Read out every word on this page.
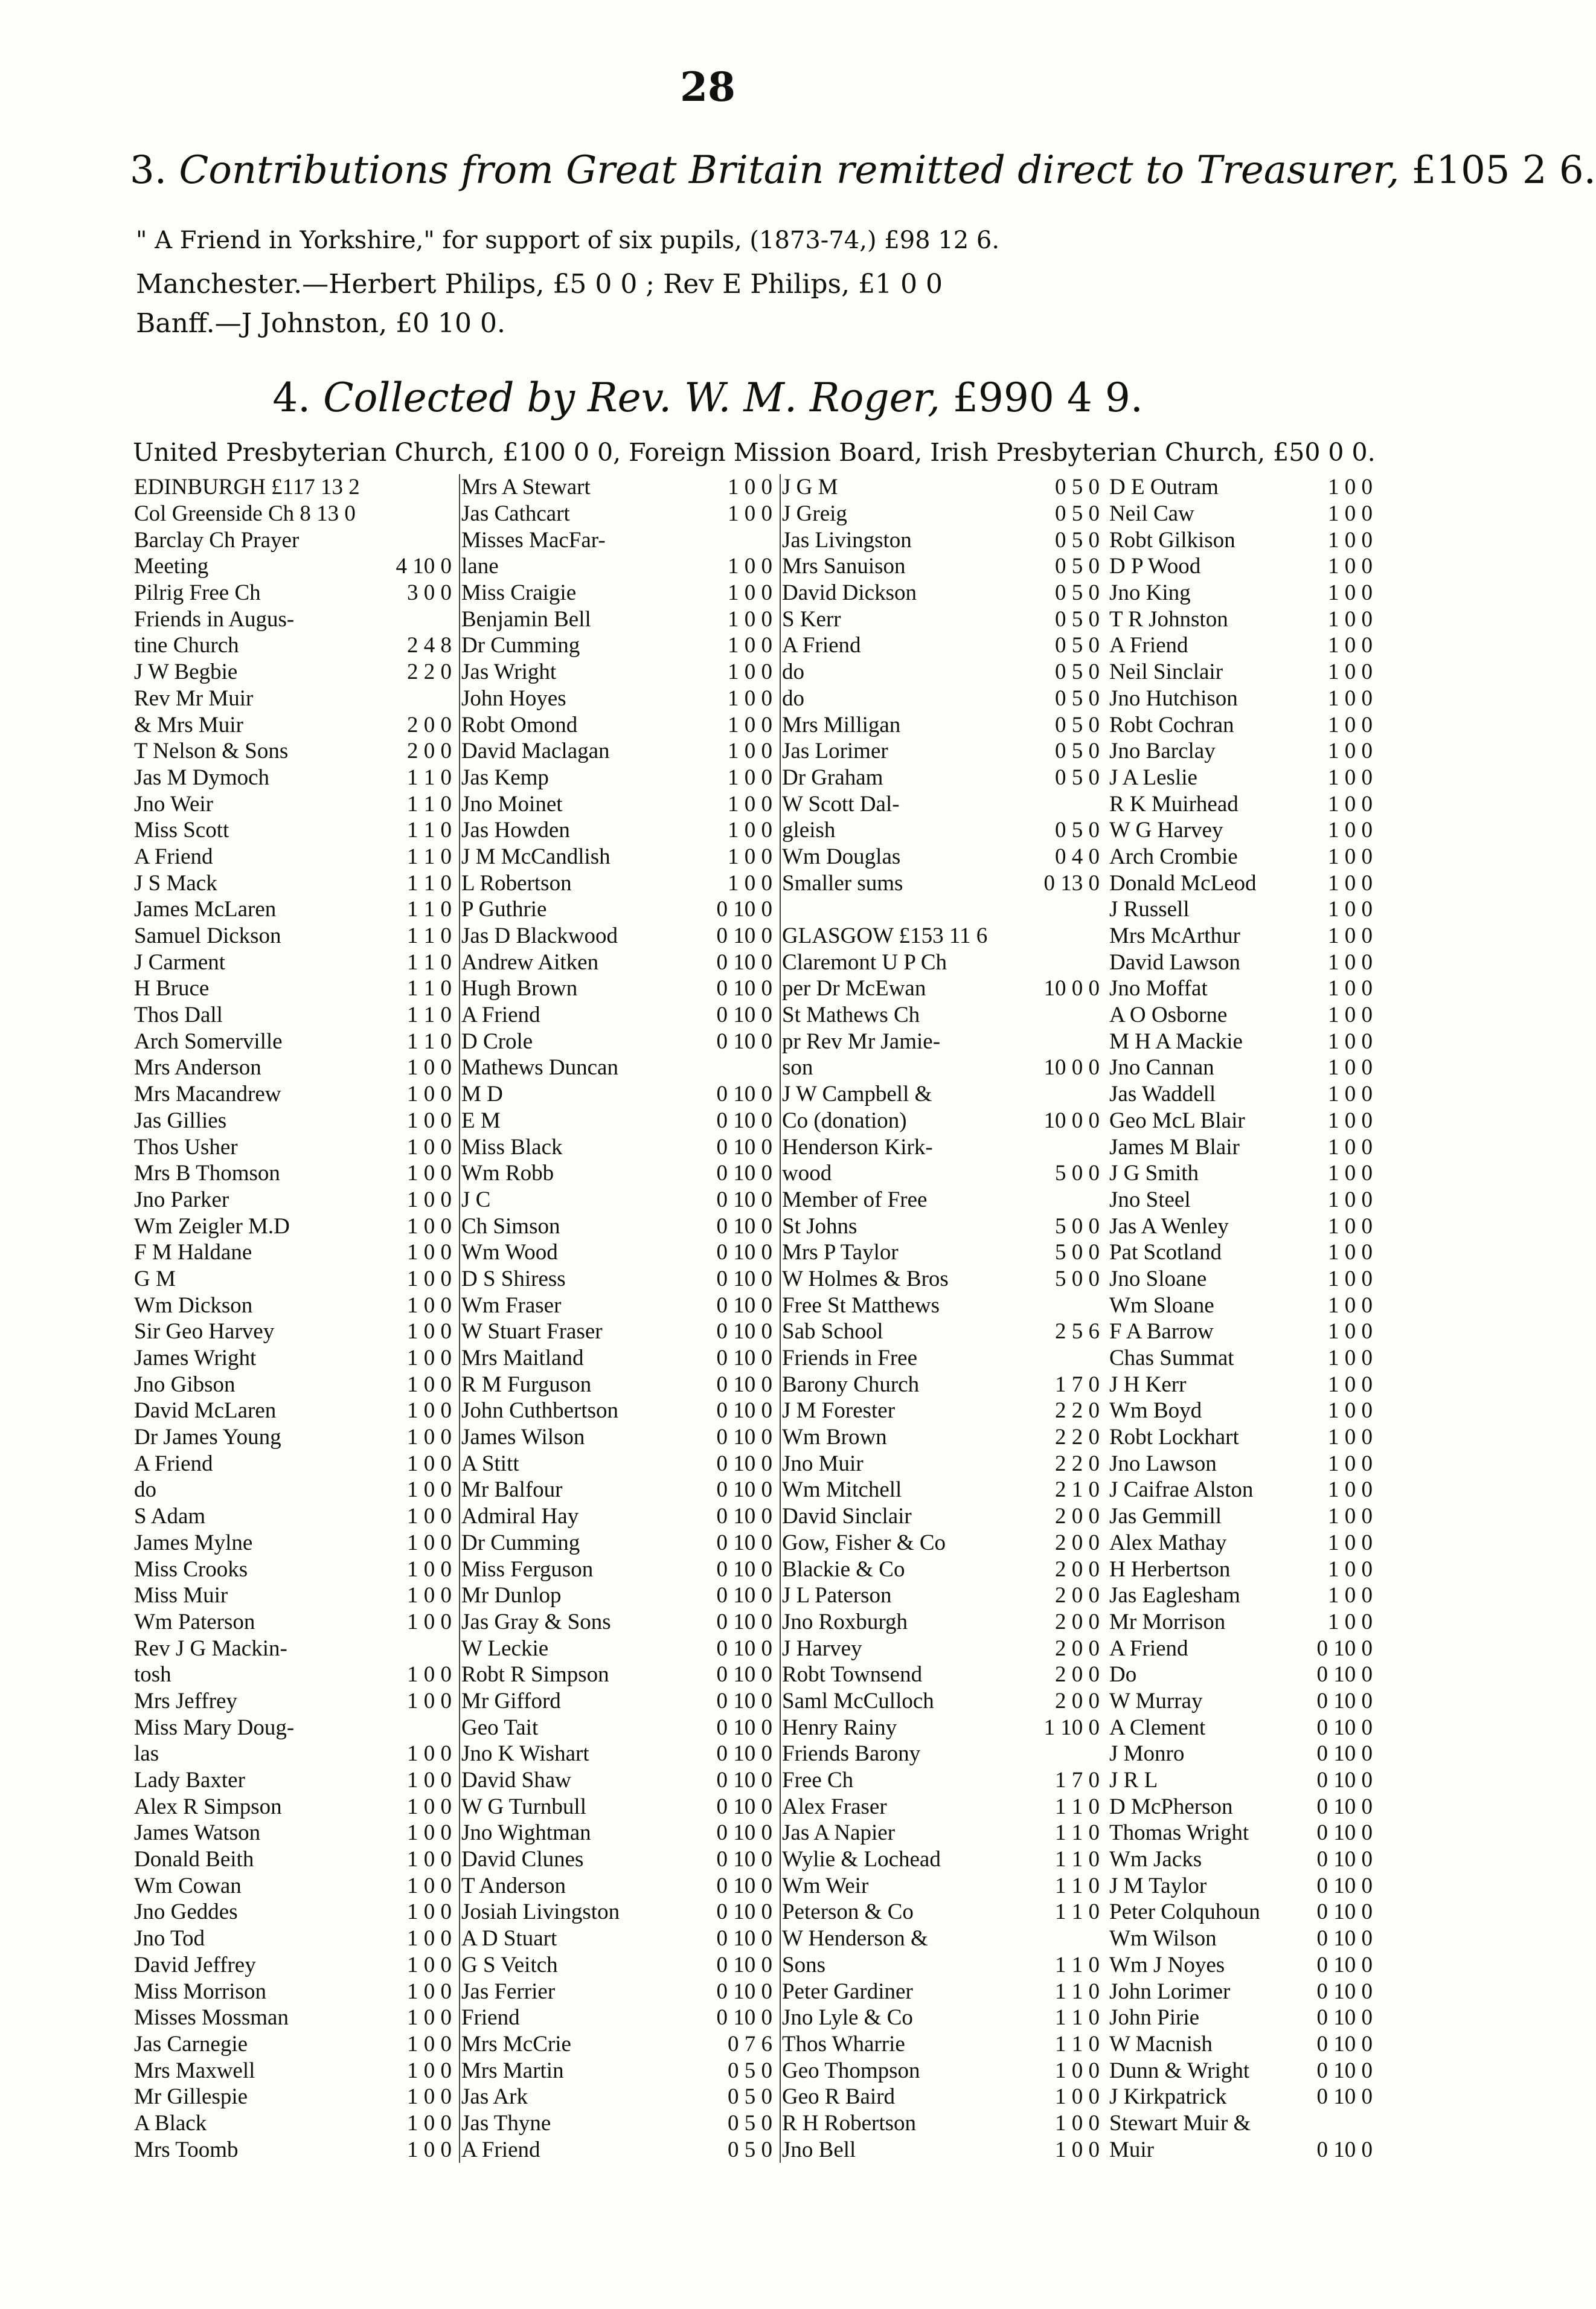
28
3. Contributions from Great Britain remitted direct to Treasurer, £105 2 6.
" A Friend in Yorkshire," for support of six pupils, (1873-74,) £98 12 6.
Manchester.—Herbert Philips, £5 0 0 ; Rev E Philips, £1 0 0
Banff.—J Johnston, £0 10 0.
4. Collected by Rev. W. M. Roger, £990 4 9.
United Presbyterian Church, £100 0 0, Foreign Mission Board, Irish Presbyterian Church, £50 0 0.
EDINBURGH £117 13 2
Col Greenside Ch 8 13 0
Barclay Ch Prayer
Meeting	4 10 0
Pilrig Free Ch	3 0 0
Friends in Augus-
tine Church	2 4 8
J W Begbie	2 2 0
Rev Mr Muir
& Mrs Muir	2 0 0
T Nelson & Sons	2 0 0
Jas M Dymoch	1 1 0
Jno Weir	1 1 0
Miss Scott	1 1 0
A Friend	1 1 0
J S Mack	1 1 0
James McLaren	1 1 0
Samuel Dickson	1 1 0
J Carment	1 1 0
H Bruce	1 1 0
Thos Dall	1 1 0
Arch Somerville	1 1 0
Mrs Anderson	1 0 0
Mrs Macandrew	1 0 0
Jas Gillies	1 0 0
Thos Usher	1 0 0
Mrs B Thomson	1 0 0
Jno Parker	1 0 0
Wm Zeigler M.D	1 0 0
F M Haldane	1 0 0
G M	1 0 0
Wm Dickson	1 0 0
Sir Geo Harvey	1 0 0
James Wright	1 0 0
Jno Gibson	1 0 0
David McLaren	1 0 0
Dr James Young	1 0 0
A Friend	1 0 0
do	1 0 0
S Adam	1 0 0
James Mylne	1 0 0
Miss Crooks	1 0 0
Miss Muir	1 0 0
Wm Paterson	1 0 0
Rev J G Mackin-
tosh	1 0 0
Mrs Jeffrey	1 0 0
Miss Mary Doug-
las	1 0 0
Lady Baxter	1 0 0
Alex R Simpson	1 0 0
James Watson	1 0 0
Donald Beith	1 0 0
Wm Cowan	1 0 0
Jno Geddes	1 0 0
Jno Tod	1 0 0
David Jeffrey	1 0 0
Miss Morrison	1 0 0
Misses Mossman	1 0 0
Jas Carnegie	1 0 0
Mrs Maxwell	1 0 0
Mr Gillespie	1 0 0
A Black	1 0 0
Mrs Toomb	1 0 0
Mrs A Stewart	1 0 0
Jas Cathcart	1 0 0
Misses MacFar-
lane	1 0 0
Miss Craigie	1 0 0
Benjamin Bell	1 0 0
Dr Cumming	1 0 0
Jas Wright	1 0 0
John Hoyes	1 0 0
Robt Omond	1 0 0
David Maclagan	1 0 0
Jas Kemp	1 0 0
Jno Moinet	1 0 0
Jas Howden	1 0 0
J M McCandlish	1 0 0
L Robertson	1 0 0
P Guthrie	0 10 0
Jas D Blackwood	0 10 0
Andrew Aitken	0 10 0
Hugh Brown	0 10 0
A Friend	0 10 0
D Crole	0 10 0
Mathews Duncan
M D	0 10 0
E M	0 10 0
Miss Black	0 10 0
Wm Robb	0 10 0
J C	0 10 0
Ch Simson	0 10 0
Wm Wood	0 10 0
D S Shiress	0 10 0
Wm Fraser	0 10 0
W Stuart Fraser	0 10 0
Mrs Maitland	0 10 0
R M Furguson	0 10 0
John Cuthbertson	0 10 0
James Wilson	0 10 0
A Stitt	0 10 0
Mr Balfour	0 10 0
Admiral Hay	0 10 0
Dr Cumming	0 10 0
Miss Ferguson	0 10 0
Mr Dunlop	0 10 0
Jas Gray & Sons	0 10 0
W Leckie	0 10 0
Robt R Simpson	0 10 0
Mr Gifford	0 10 0
Geo Tait	0 10 0
Jno K Wishart	0 10 0
David Shaw	0 10 0
W G Turnbull	0 10 0
Jno Wightman	0 10 0
David Clunes	0 10 0
T Anderson	0 10 0
Josiah Livingston	0 10 0
A D Stuart	0 10 0
G S Veitch	0 10 0
Jas Ferrier	0 10 0
Friend	0 10 0
Mrs McCrie	0 7 6
Mrs Martin	0 5 0
Jas Ark	0 5 0
Jas Thyne	0 5 0
A Friend	0 5 0
J G M	0 5 0
J Greig	0 5 0
Jas Livingston	0 5 0
Mrs Sanuison	0 5 0
David Dickson	0 5 0
S Kerr	0 5 0
A Friend	0 5 0
do	0 5 0
do	0 5 0
Mrs Milligan	0 5 0
Jas Lorimer	0 5 0
Dr Graham	0 5 0
W Scott Dal-
gleish	0 5 0
Wm Douglas	0 4 0
Smaller sums	0 13 0
GLASGOW £153 11 6
Claremont U P Ch
per Dr McEwan	10 0 0
St Mathews Ch
pr Rev Mr Jamie-
son	10 0 0
J W Campbell &
Co (donation)	10 0 0
Henderson Kirk-
wood	5 0 0
Member of Free
St Johns	5 0 0
Mrs P Taylor	5 0 0
W Holmes & Bros	5 0 0
Free St Matthews
Sab School	2 5 6
Friends in Free
Barony Church	1 7 0
J M Forester	2 2 0
Wm Brown	2 2 0
Jno Muir	2 2 0
Wm Mitchell	2 1 0
David Sinclair	2 0 0
Gow, Fisher & Co	2 0 0
Blackie & Co	2 0 0
J L Paterson	2 0 0
Jno Roxburgh	2 0 0
J Harvey	2 0 0
Robt Townsend	2 0 0
Saml McCulloch	2 0 0
Henry Rainy	1 10 0
Friends Barony
Free Ch	1 7 0
Alex Fraser	1 1 0
Jas A Napier	1 1 0
Wylie & Lochead	1 1 0
Wm Weir	1 1 0
Peterson & Co	1 1 0
W Henderson &
Sons	1 1 0
Peter Gardiner	1 1 0
Jno Lyle & Co	1 1 0
Thos Wharrie	1 1 0
Geo Thompson	1 0 0
Geo R Baird	1 0 0
R H Robertson	1 0 0
Jno Bell	1 0 0
D E Outram	1 0 0
Neil Caw	1 0 0
Robt Gilkison	1 0 0
D P Wood	1 0 0
Jno King	1 0 0
T R Johnston	1 0 0
A Friend	1 0 0
Neil Sinclair	1 0 0
Jno Hutchison	1 0 0
Robt Cochran	1 0 0
Jno Barclay	1 0 0
J A Leslie	1 0 0
R K Muirhead	1 0 0
W G Harvey	1 0 0
Arch Crombie	1 0 0
Donald McLeod	1 0 0
J Russell	1 0 0
Mrs McArthur	1 0 0
David Lawson	1 0 0
Jno Moffat	1 0 0
A O Osborne	1 0 0
M H A Mackie	1 0 0
Jno Cannan	1 0 0
Jas Waddell	1 0 0
Geo McL Blair	1 0 0
James M Blair	1 0 0
J G Smith	1 0 0
Jno Steel	1 0 0
Jas A Wenley	1 0 0
Pat Scotland	1 0 0
Jno Sloane	1 0 0
Wm Sloane	1 0 0
F A Barrow	1 0 0
Chas Summat	1 0 0
J H Kerr	1 0 0
Wm Boyd	1 0 0
Robt Lockhart	1 0 0
Jno Lawson	1 0 0
J Caifrae Alston	1 0 0
Jas Gemmill	1 0 0
Alex Mathay	1 0 0
H Herbertson	1 0 0
Jas Eaglesham	1 0 0
Mr Morrison	1 0 0
A Friend	0 10 0
Do	0 10 0
W Murray	0 10 0
A Clement	0 10 0
J Monro	0 10 0
J R L	0 10 0
D McPherson	0 10 0
Thomas Wright	0 10 0
Wm Jacks	0 10 0
J M Taylor	0 10 0
Peter Colquhoun	0 10 0
Wm Wilson	0 10 0
Wm J Noyes	0 10 0
John Lorimer	0 10 0
John Pirie	0 10 0
W Macnish	0 10 0
Dunn & Wright	0 10 0
J Kirkpatrick	0 10 0
Stewart Muir &
Muir	0 10 0
